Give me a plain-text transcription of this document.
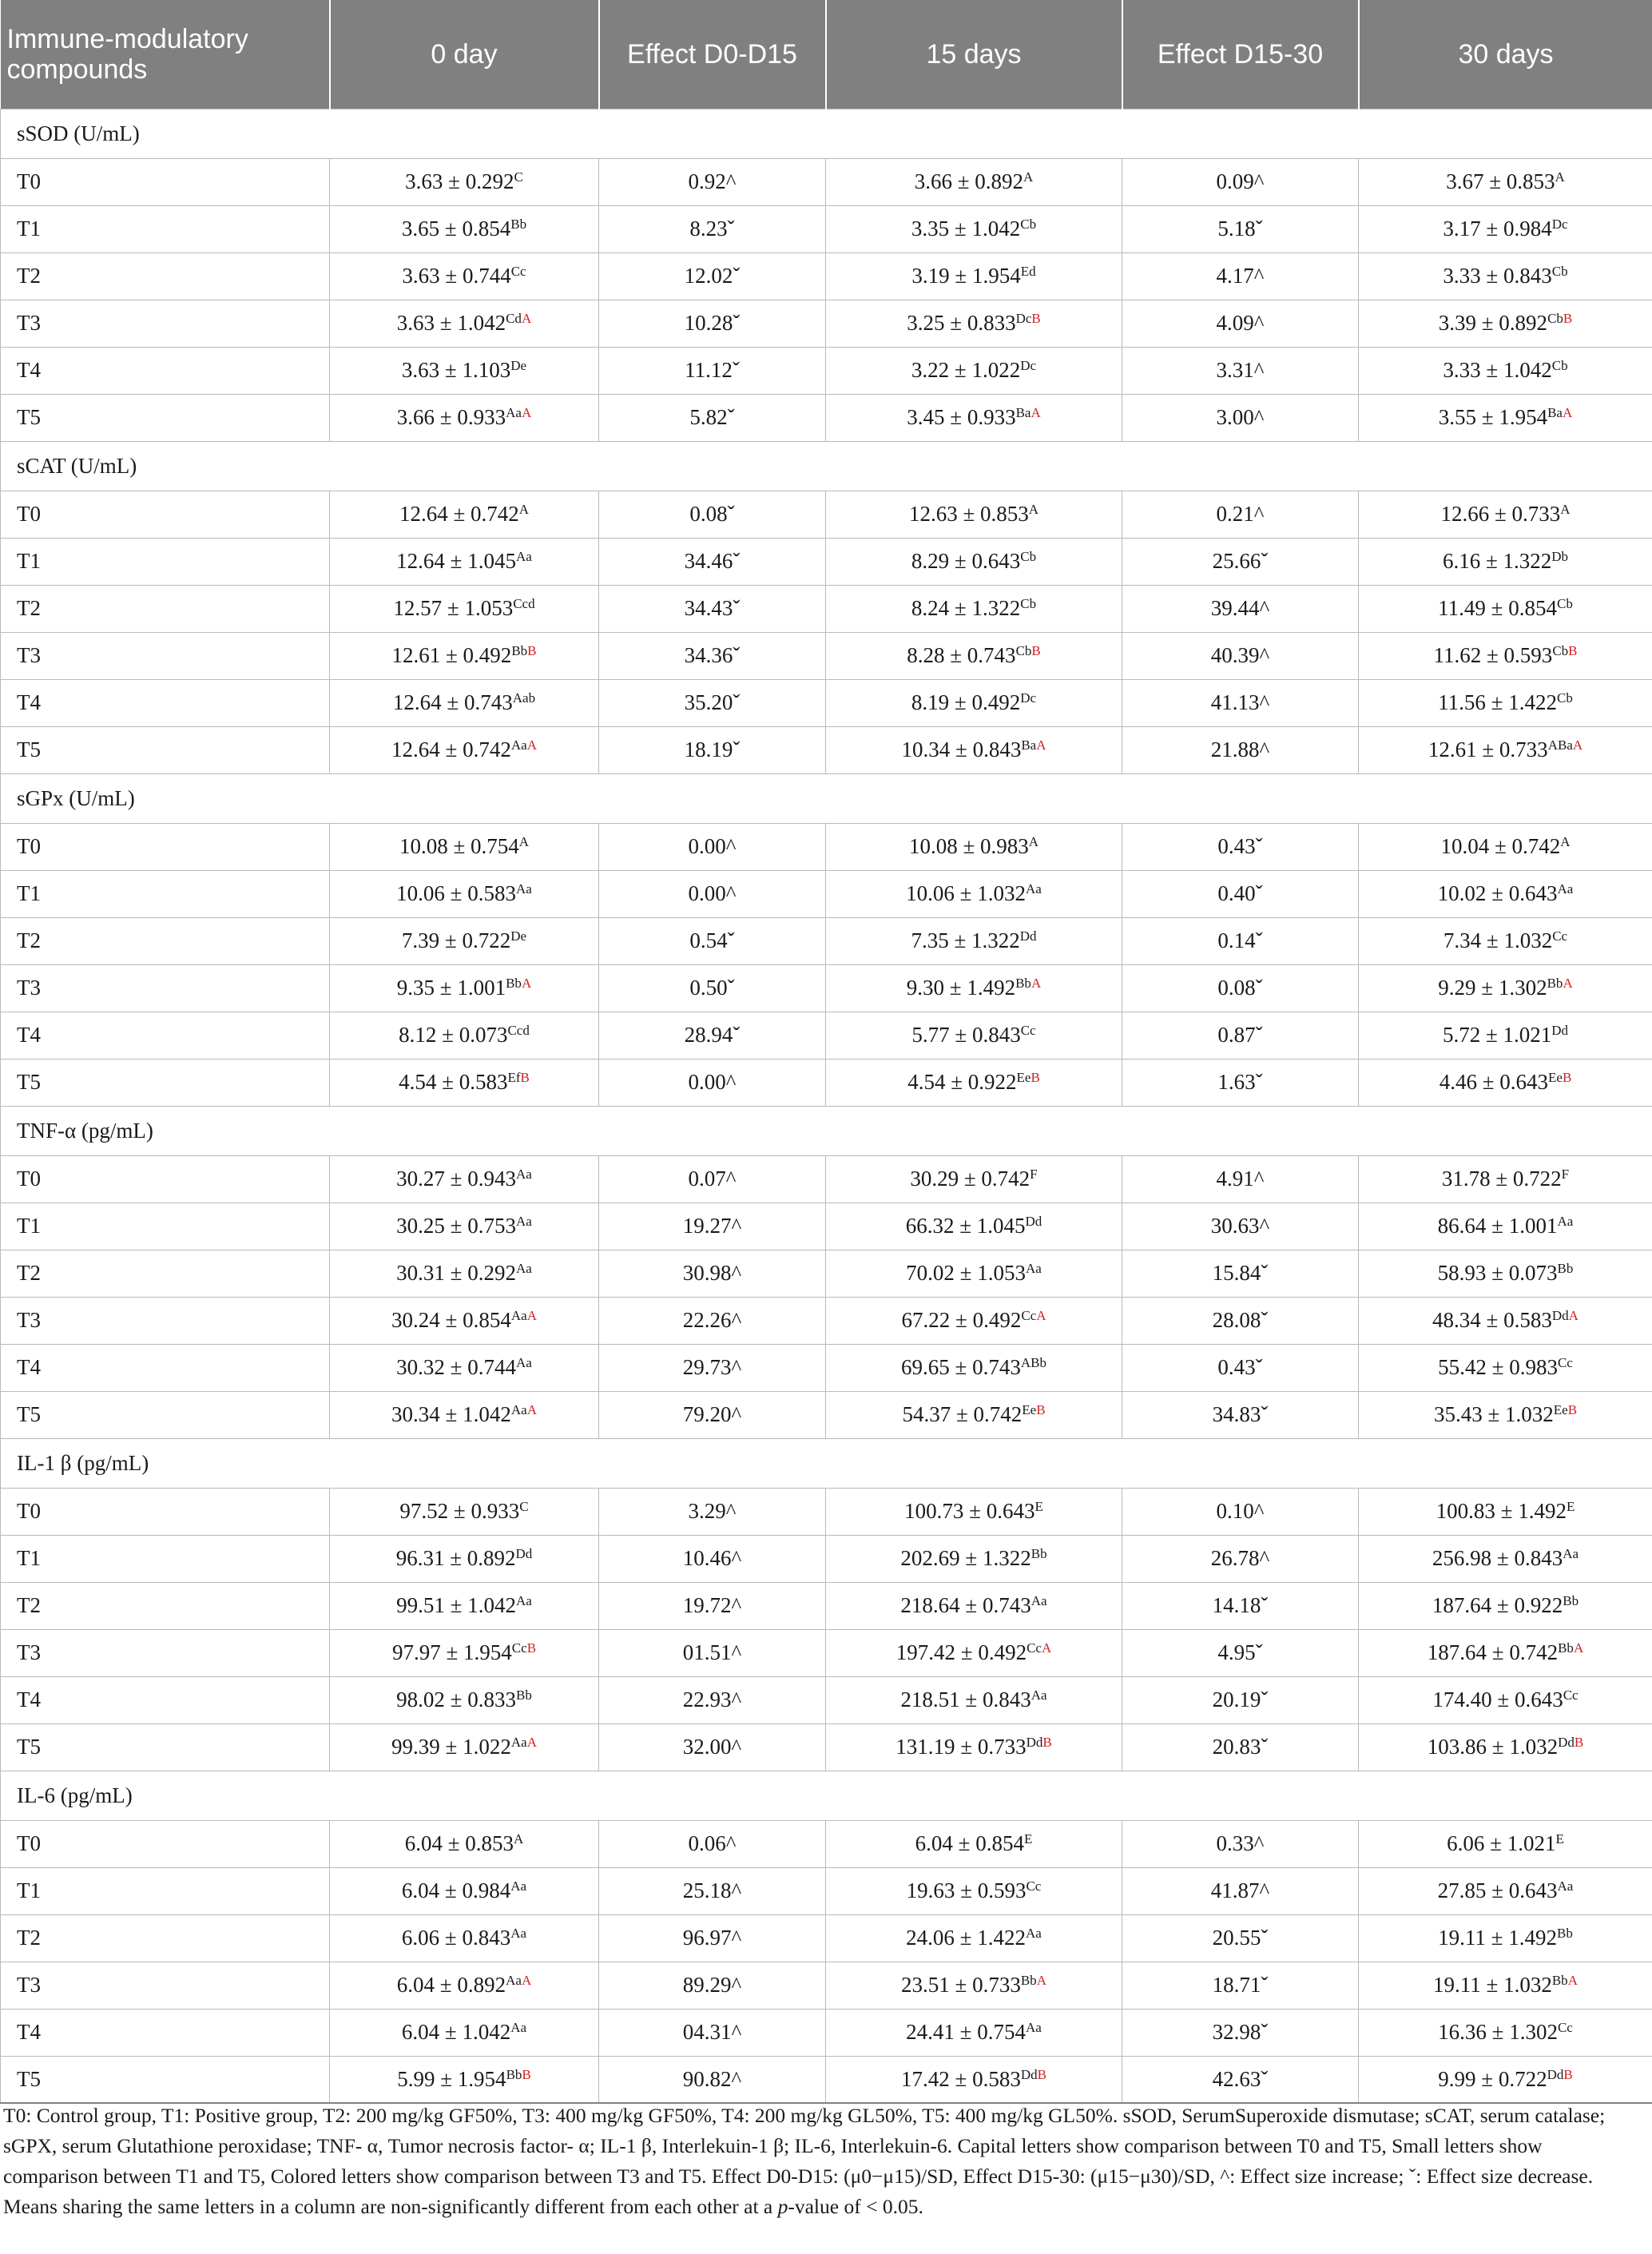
Immune-modulatory compounds	0 day	Effect D0-D15	15 days	Effect D15-30	30 days
sSOD (U/mL)					
T0	$3.63 \pm 0.292^C$	0.92^	$3.66 \pm 0.892^A$	0.09^	$3.67 \pm 0.853^A$
T1	$3.65 \pm 0.854^{Bb}$	8.23ˇ	$3.35 \pm 1.042^{Cb}$	5.18ˇ	$3.17 \pm 0.984^{Dc}$
T2	$3.63 \pm 0.744^{Cc}$	12.02ˇ	$3.19 \pm 1.954^{Ed}$	4.17^	$3.33 \pm 0.843^{Cb}$
T3	$3.63 \pm 1.042^{CdA}$	10.28ˇ	$3.25 \pm 0.833^{DcB}$	4.09^	$3.39 \pm 0.892^{CbB}$
T4	3.63 ± 1.103De	11.12ˇ	$3.22 \pm 1.022^{Dc}$	3.31^	$3.33 \pm 1.042^{Cb}$
T5	$3.66 \pm 0.933^{AaA}$	5.82ˇ	$3.45 \pm 0.933^{BaA}$	3.00^	$3.55 \pm 1.954^{BaA}$
sCAT (U/mL)					
T0	$12.64 \pm 0.742^A$	0.08ˇ	$12.63 \pm 0.853^A$	0.21^	$12.66 \pm 0.733^A$
T1	$12.64 \pm 1.045^{Aa}$	34.46ˇ	$8.29 \pm 0.643^{Cb}$	25.66ˇ	$6.16 \pm 1.322^{Db}$
T2	$12.57 \pm 1.053^{Ccd}$	34.43ˇ	$8.24 \pm 1.322^{Cb}$	39.44^	$11.49 \pm 0.854^{Cb}$
T3	$12.61 \pm 0.492^{BbB}$	34.36ˇ	$8.28 \pm 0.743^{CbB}$	40.39^	$11.62 \pm 0.593^{CbB}$
T4	$12.64 \pm 0.743^{Aab}$	35.20ˇ	$8.19 \pm 0.492^{Dc}$	41.13^	$11.56 \pm 1.422^{Cb}$
T5	$12.64 \pm 0.742^{AaA}$	18.19ˇ	$10.34 \pm 0.843^{BaA}$	21.88^	$12.61 \pm 0.733^{ABaA}$
sGPx (U/mL)					
T0	$10.08 \pm 0.754^A$	0.00^	$10.08 \pm 0.983^A$	0.43ˇ	$10.04 \pm 0.742^A$
T1	$10.06 \pm 0.583^{Aa}$	0.00^	$10.06 \pm 1.032^{Aa}$	0.40ˇ	$10.02 \pm 0.643^{Aa}$
T2	7.39 ± 0.722De	0.54ˇ	$7.35 \pm 1.322^{Dd}$	0.14ˇ	$7.34 \pm 1.032^{Cc}$
T3	$9.35 \pm 1.001^{BbA}$	0.50ˇ	$9.30 \pm 1.492^{BbA}$	0.08ˇ	$9.29 \pm 1.302^{BbA}$
T4	$8.12 \pm 0.073^{Ccd}$	28.94ˇ	$5.77 \pm 0.843^{Cc}$	0.87ˇ	$5.72 \pm 1.021^{Dd}$
T5	$4.54 \pm 0.583^{EfB}$	0.00^	$4.54 \pm 0.922^{EeB}$	1.63ˇ	$4.46 \pm 0.643^{EeB}$
TNF-α (pg/mL)					
T0	$30.27 \pm 0.943^{Aa}$	0.07^	$30.29 \pm 0.742^F$	4.91^	$31.78 \pm 0.722^F$
T1	$30.25 \pm 0.753^{Aa}$	19.27^	$66.32 \pm 1.045^{Dd}$	30.63^	$86.64 \pm 1.001^{Aa}$
T2	$30.31 \pm 0.292^{Aa}$	30.98^	$70.02 \pm 1.053^{Aa}$	15.84ˇ	$58.93 \pm 0.073^{Bb}$
T3	$30.24 \pm 0.854^{AaA}$	22.26^	$67.22 \pm 0.492^{CcA}$	28.08ˇ	$48.34 \pm 0.583^{DdA}$
T4	$30.32 \pm 0.744^{Aa}$	29.73^	$69.65 \pm 0.743^{ABb}$	0.43ˇ	$55.42 \pm 0.983^{Cc}$
T5	$30.34 \pm 1.042^{AaA}$	79.20^	$54.37 \pm 0.742^{EeB}$	34.83ˇ	$35.43 \pm 1.032^{EeB}$
IL-1 β (pg/mL)					
T0	$97.52 \pm 0.933^C$	3.29^	$100.73 \pm 0.643^E$	0.10^	$100.83 \pm 1.492^E$
T1	$96.31 \pm 0.892^{Dd}$	10.46^	$202.69 \pm 1.322^{Bb}$	26.78^	$256.98 \pm 0.843^{Aa}$
T2	$99.51 \pm 1.042^{Aa}$	19.72^	$218.64 \pm 0.743^{Aa}$	14.18ˇ	$187.64 \pm 0.922^{Bb}$
T3	$97.97 \pm 1.954^{CcB}$	01.51^	$197.42 \pm 0.492^{CcA}$	4.95ˇ	$187.64 \pm 0.742^{BbA}$
T4	$98.02 \pm 0.833^{Bb}$	22.93^	$218.51 \pm 0.843^{Aa}$	20.19ˇ	$174.40 \pm 0.643^{Cc}$
T5	$99.39 \pm 1.022^{AaA}$	32.00^	$131.19 \pm 0.733^{DdB}$	20.83ˇ	$103.86 \pm 1.032^{DdB}$
IL-6 (pg/mL)					
T0	$6.04 \pm 0.853^A$	0.06^	$6.04 \pm 0.854^E$	0.33^	$6.06 \pm 1.021^E$
T1	$6.04 \pm 0.984^{Aa}$	25.18^	$19.63 \pm 0.593^{Cc}$	41.87^	$27.85 \pm 0.643^{Aa}$
T2	$6.06 \pm 0.843^{Aa}$	96.97^	$24.06 \pm 1.422^{Aa}$	20.55ˇ	$19.11 \pm 1.492^{Bb}$
T3	$6.04 \pm 0.892^{AaA}$	89.29^	$23.51 \pm 0.733^{BbA}$	18.71ˇ	$19.11 \pm 1.032^{BbA}$
T4	$6.04 \pm 1.042^{Aa}$	04.31^	$24.41 \pm 0.754^{Aa}$	32.98ˇ	$16.36 \pm 1.302^{Cc}$
T5	$5.99 \pm 1.954^{BbB}$	90.82^	$17.42 \pm 0.583^{DdB}$	42.63ˇ	$9.99 \pm 0.722^{DdB}$

T0: Control group, T1: Positive group, T2: 200 mg/kg GF50%, T3: 400 mg/kg GF50%, T4: 200 mg/kg GL50%, T5: 400 mg/kg GL50%. sSOD, SerumSuperoxide dismutase; sCAT, serum catalase;

sGPX, serum Glutathione peroxidase; TNF- α, Tumor necrosis factor- α; IL-1 β, Interlekuin-1 β; IL-6, Interlekuin-6. Capital letters show comparison between T0 and T5, Small letters show

comparison between T1 and T5, Colored letters show comparison between T3 and T5. Effect D0-D15: (μ0−μ15)/SD, Effect D15-30: (μ15−μ30)/SD, ^: Effect size increase; ˇ: Effect size decrease.

Means sharing the same letters in a column are non-significantly different from each other at a p-value of < 0.05.
